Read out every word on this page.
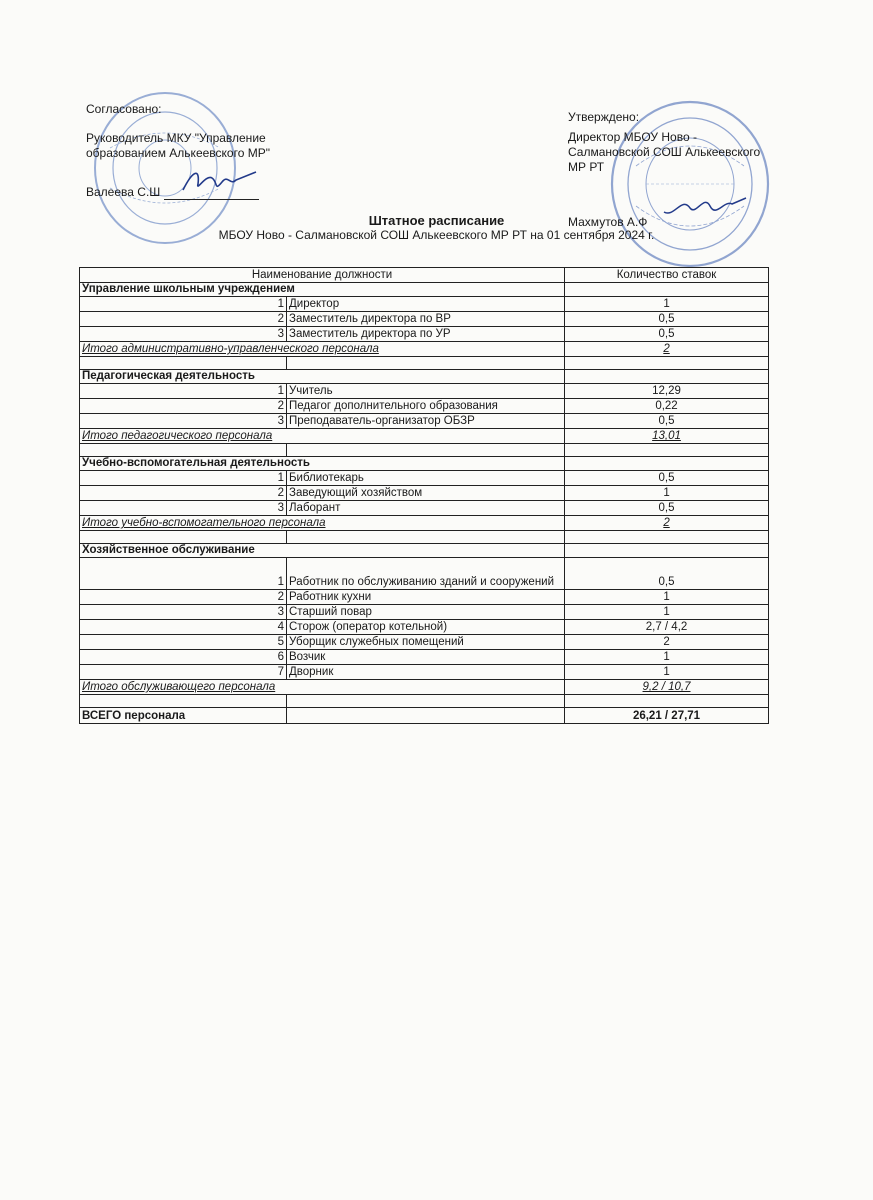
Согласовано:
Руководитель МКУ "Управление
образованием Алькеевского МР"
Валеева С.Ш
Утверждено:
Директор МБОУ Ново -
Салмановской СОШ Алькеевского
МР РТ
Махмутов А.Ф
Штатное расписание
МБОУ Ново - Салмановской СОШ Алькеевского МР РТ на 01 сентября 2024 г.
Наименование должности		Количество ставок
Управление школьным учреждением		
1	Директор	1
2	Заместитель директора по ВР	0,5
3	Заместитель директора по УР	0,5
Итого административно-управленческого персонала		2

Педагогическая деятельность		
1	Учитель	12,29
2	Педагог дополнительного образования	0,22
3	Преподаватель-организатор ОБЗР	0,5
Итого педагогического персонала		13,01

Учебно-вспомогательная деятельность		
1	Библиотекарь	0,5
2	Заведующий хозяйством	1
3	Лаборант	0,5
Итого учебно-вспомогательного персонала		2

Хозяйственное обслуживание		
1	Работник по обслуживанию зданий и сооружений	0,5
2	Работник кухни	1
3	Старший повар	1
4	Сторож (оператор котельной)	2,7 / 4,2
5	Уборщик служебных помещений	2
6	Возчик	1
7	Дворник	1
Итого обслуживающего персонала		9,2 / 10,7

ВСЕГО персонала		26,21 / 27,71
